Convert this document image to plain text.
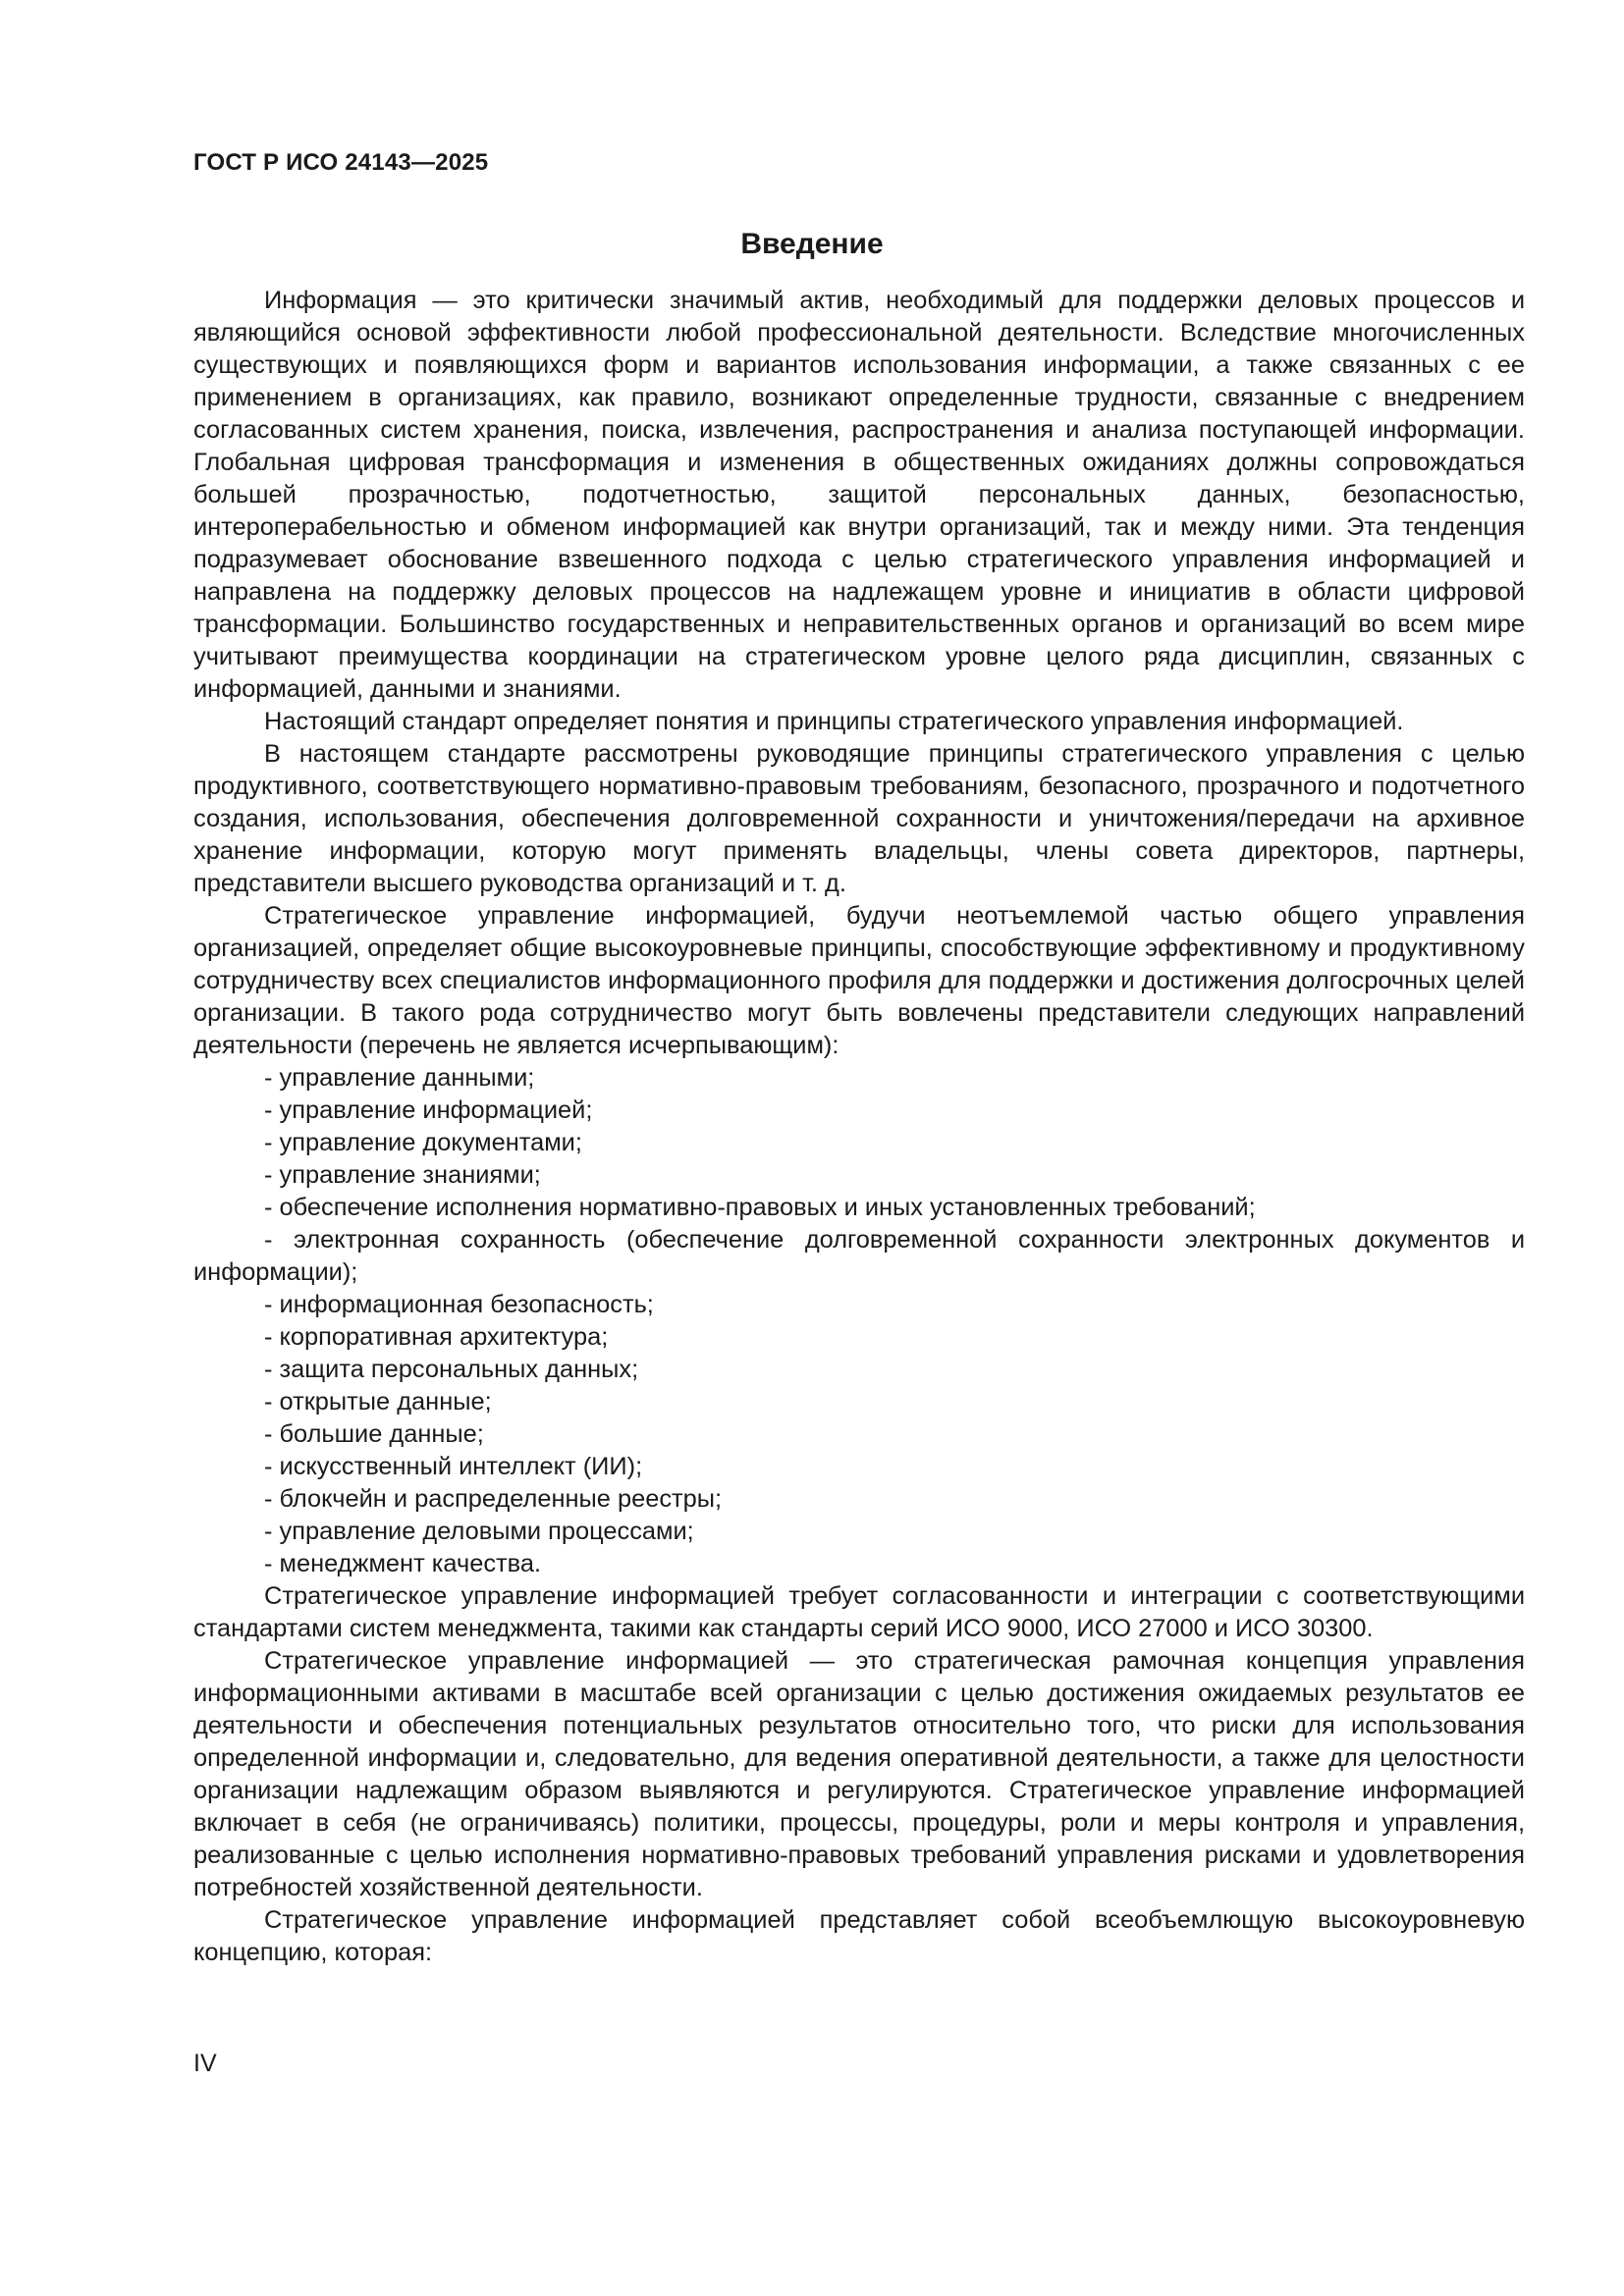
ГОСТ Р ИСО 24143—2025
Введение

Информация — это критически значимый актив, необходимый для поддержки деловых процессов и являющийся основой эффективности любой профессиональной деятельности. Вследствие многочисленных существующих и появляющихся форм и вариантов использования информации, а также связанных с ее применением в организациях, как правило, возникают определенные трудности, связанные с внедрением согласованных систем хранения, поиска, извлечения, распространения и анализа поступающей информации. Глобальная цифровая трансформация и изменения в общественных ожиданиях должны сопровождаться большей прозрачностью, подотчетностью, защитой персональных данных, безопасностью, интероперабельностью и обменом информацией как внутри организаций, так и между ними. Эта тенденция подразумевает обоснование взвешенного подхода с целью стратегического управления информацией и направлена на поддержку деловых процессов на надлежащем уровне и инициатив в области цифровой трансформации. Большинство государственных и неправительственных органов и организаций во всем мире учитывают преимущества координации на стратегическом уровне целого ряда дисциплин, связанных с информацией, данными и знаниями.

Настоящий стандарт определяет понятия и принципы стратегического управления информацией.

В настоящем стандарте рассмотрены руководящие принципы стратегического управления с целью продуктивного, соответствующего нормативно-правовым требованиям, безопасного, прозрачного и подотчетного создания, использования, обеспечения долговременной сохранности и уничтожения/передачи на архивное хранение информации, которую могут применять владельцы, члены совета директоров, партнеры, представители высшего руководства организаций и т. д.

Стратегическое управление информацией, будучи неотъемлемой частью общего управления организацией, определяет общие высокоуровневые принципы, способствующие эффективному и продуктивному сотрудничеству всех специалистов информационного профиля для поддержки и достижения долгосрочных целей организации. В такого рода сотрудничество могут быть вовлечены представители следующих направлений деятельности (перечень не является исчерпывающим):

- управление данными;

- управление информацией;

- управление документами;

- управление знаниями;

- обеспечение исполнения нормативно-правовых и иных установленных требований;

- электронная сохранность (обеспечение долговременной сохранности электронных документов и информации);

- информационная безопасность;

- корпоративная архитектура;

- защита персональных данных;

- открытые данные;

- большие данные;

- искусственный интеллект (ИИ);

- блокчейн и распределенные реестры;

- управление деловыми процессами;

- менеджмент качества.

Стратегическое управление информацией требует согласованности и интеграции с соответствующими стандартами систем менеджмента, такими как стандарты серий ИСО 9000, ИСО 27000 и ИСО 30300.

Стратегическое управление информацией — это стратегическая рамочная концепция управления информационными активами в масштабе всей организации с целью достижения ожидаемых результатов ее деятельности и обеспечения потенциальных результатов относительно того, что риски для использования определенной информации и, следовательно, для ведения оперативной деятельности, а также для целостности организации надлежащим образом выявляются и регулируются. Стратегическое управление информацией включает в себя (не ограничиваясь) политики, процессы, процедуры, роли и меры контроля и управления, реализованные с целью исполнения нормативно-правовых требований управления рисками и удовлетворения потребностей хозяйственной деятельности.

Стратегическое управление информацией представляет собой всеобъемлющую высокоуровневую концепцию, которая:

IV
